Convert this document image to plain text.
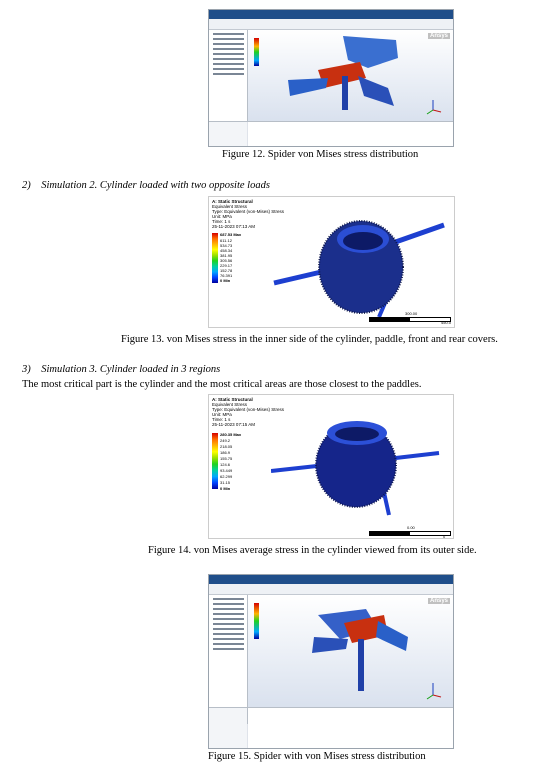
Ansys
Figure 12. Spider von Mises stress distribution
2)    Simulation 2. Cylinder loaded with two opposite loads
A: Static Structural
Equivalent Stress
Type: Equivalent (von-Mises) Stress
Unit: MPa
Time: 1 s
25-11-2023 07:13 AM
687.53 Max
611.12
534.73
458.34
381.95
305.56
229.17
152.78
76.391
0 Min
300.00
450.0
Figure 13. von Mises stress in the inner side of the cylinder, paddle, front and rear covers.
3)    Simulation 3. Cylinder loaded in 3 regions
The most critical part is the cylinder and the most critical areas are those closest to the paddles.
A: Static Structural
Equivalent Stress
Type: Equivalent (von-Mises) Stress
Unit: MPa
Time: 1 s
25-11-2023 07:15 AM
280.35 Max
249.2
218.05
186.9
155.75
124.6
93.449
62.299
31.15
0 Min
0.00
0
Figure 14. von Mises average stress in the cylinder viewed from its outer side.
Ansys
Figure 15. Spider with von Mises stress distribution
